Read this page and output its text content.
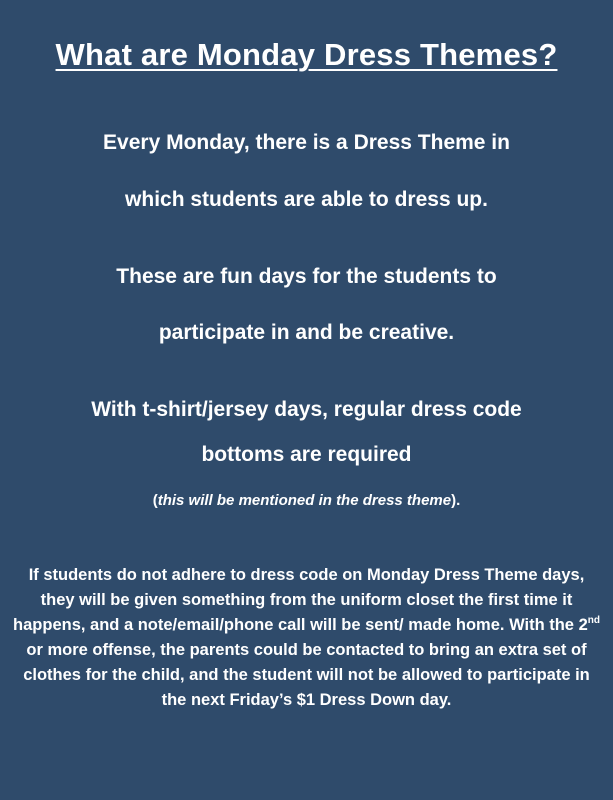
What are Monday Dress Themes?
Every Monday, there is a Dress Theme in
which students are able to dress up.
These are fun days for the students to
participate in and be creative.
With t-shirt/jersey days, regular dress code
bottoms are required
(this will be mentioned in the dress theme).

If students do not adhere to dress code on Monday Dress Theme days, they will be given something from the uniform closet the first time it happens, and a note/email/phone call will be sent/ made home. With the 2nd or more offense, the parents could be contacted to bring an extra set of clothes for the child, and the student will not be allowed to participate in the next Friday’s $1 Dress Down day.
